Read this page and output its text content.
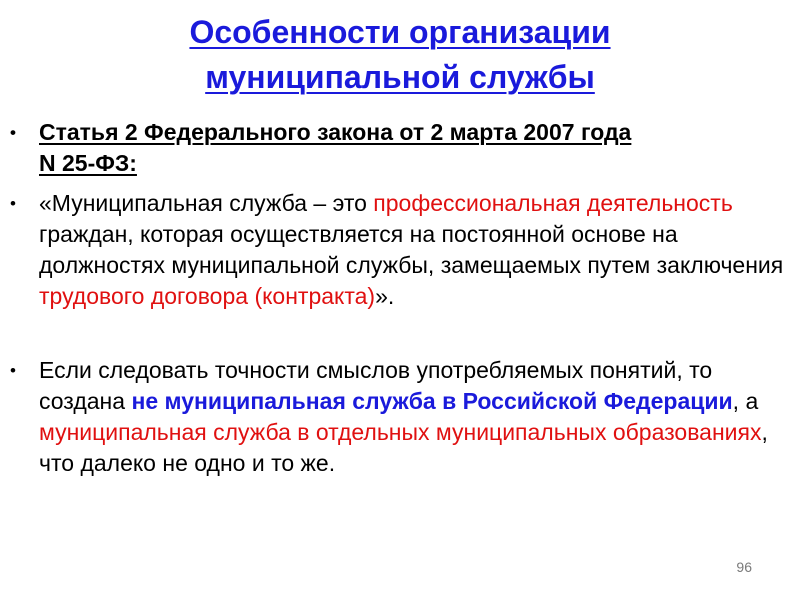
Особенности организации
муниципальной службы
• Статья 2 Федерального закона от 2 марта 2007 года
N 25-ФЗ:
• «Муниципальная служба – это профессиональная деятельность граждан, которая осуществляется на постоянной основе на должностях муниципальной службы, замещаемых путем заключения трудового договора (контракта)».
• Если следовать точности смыслов употребляемых понятий, то создана не муниципальная служба в Российской Федерации, а муниципальная служба в отдельных муниципальных образованиях, что далеко не одно и то же.
96
